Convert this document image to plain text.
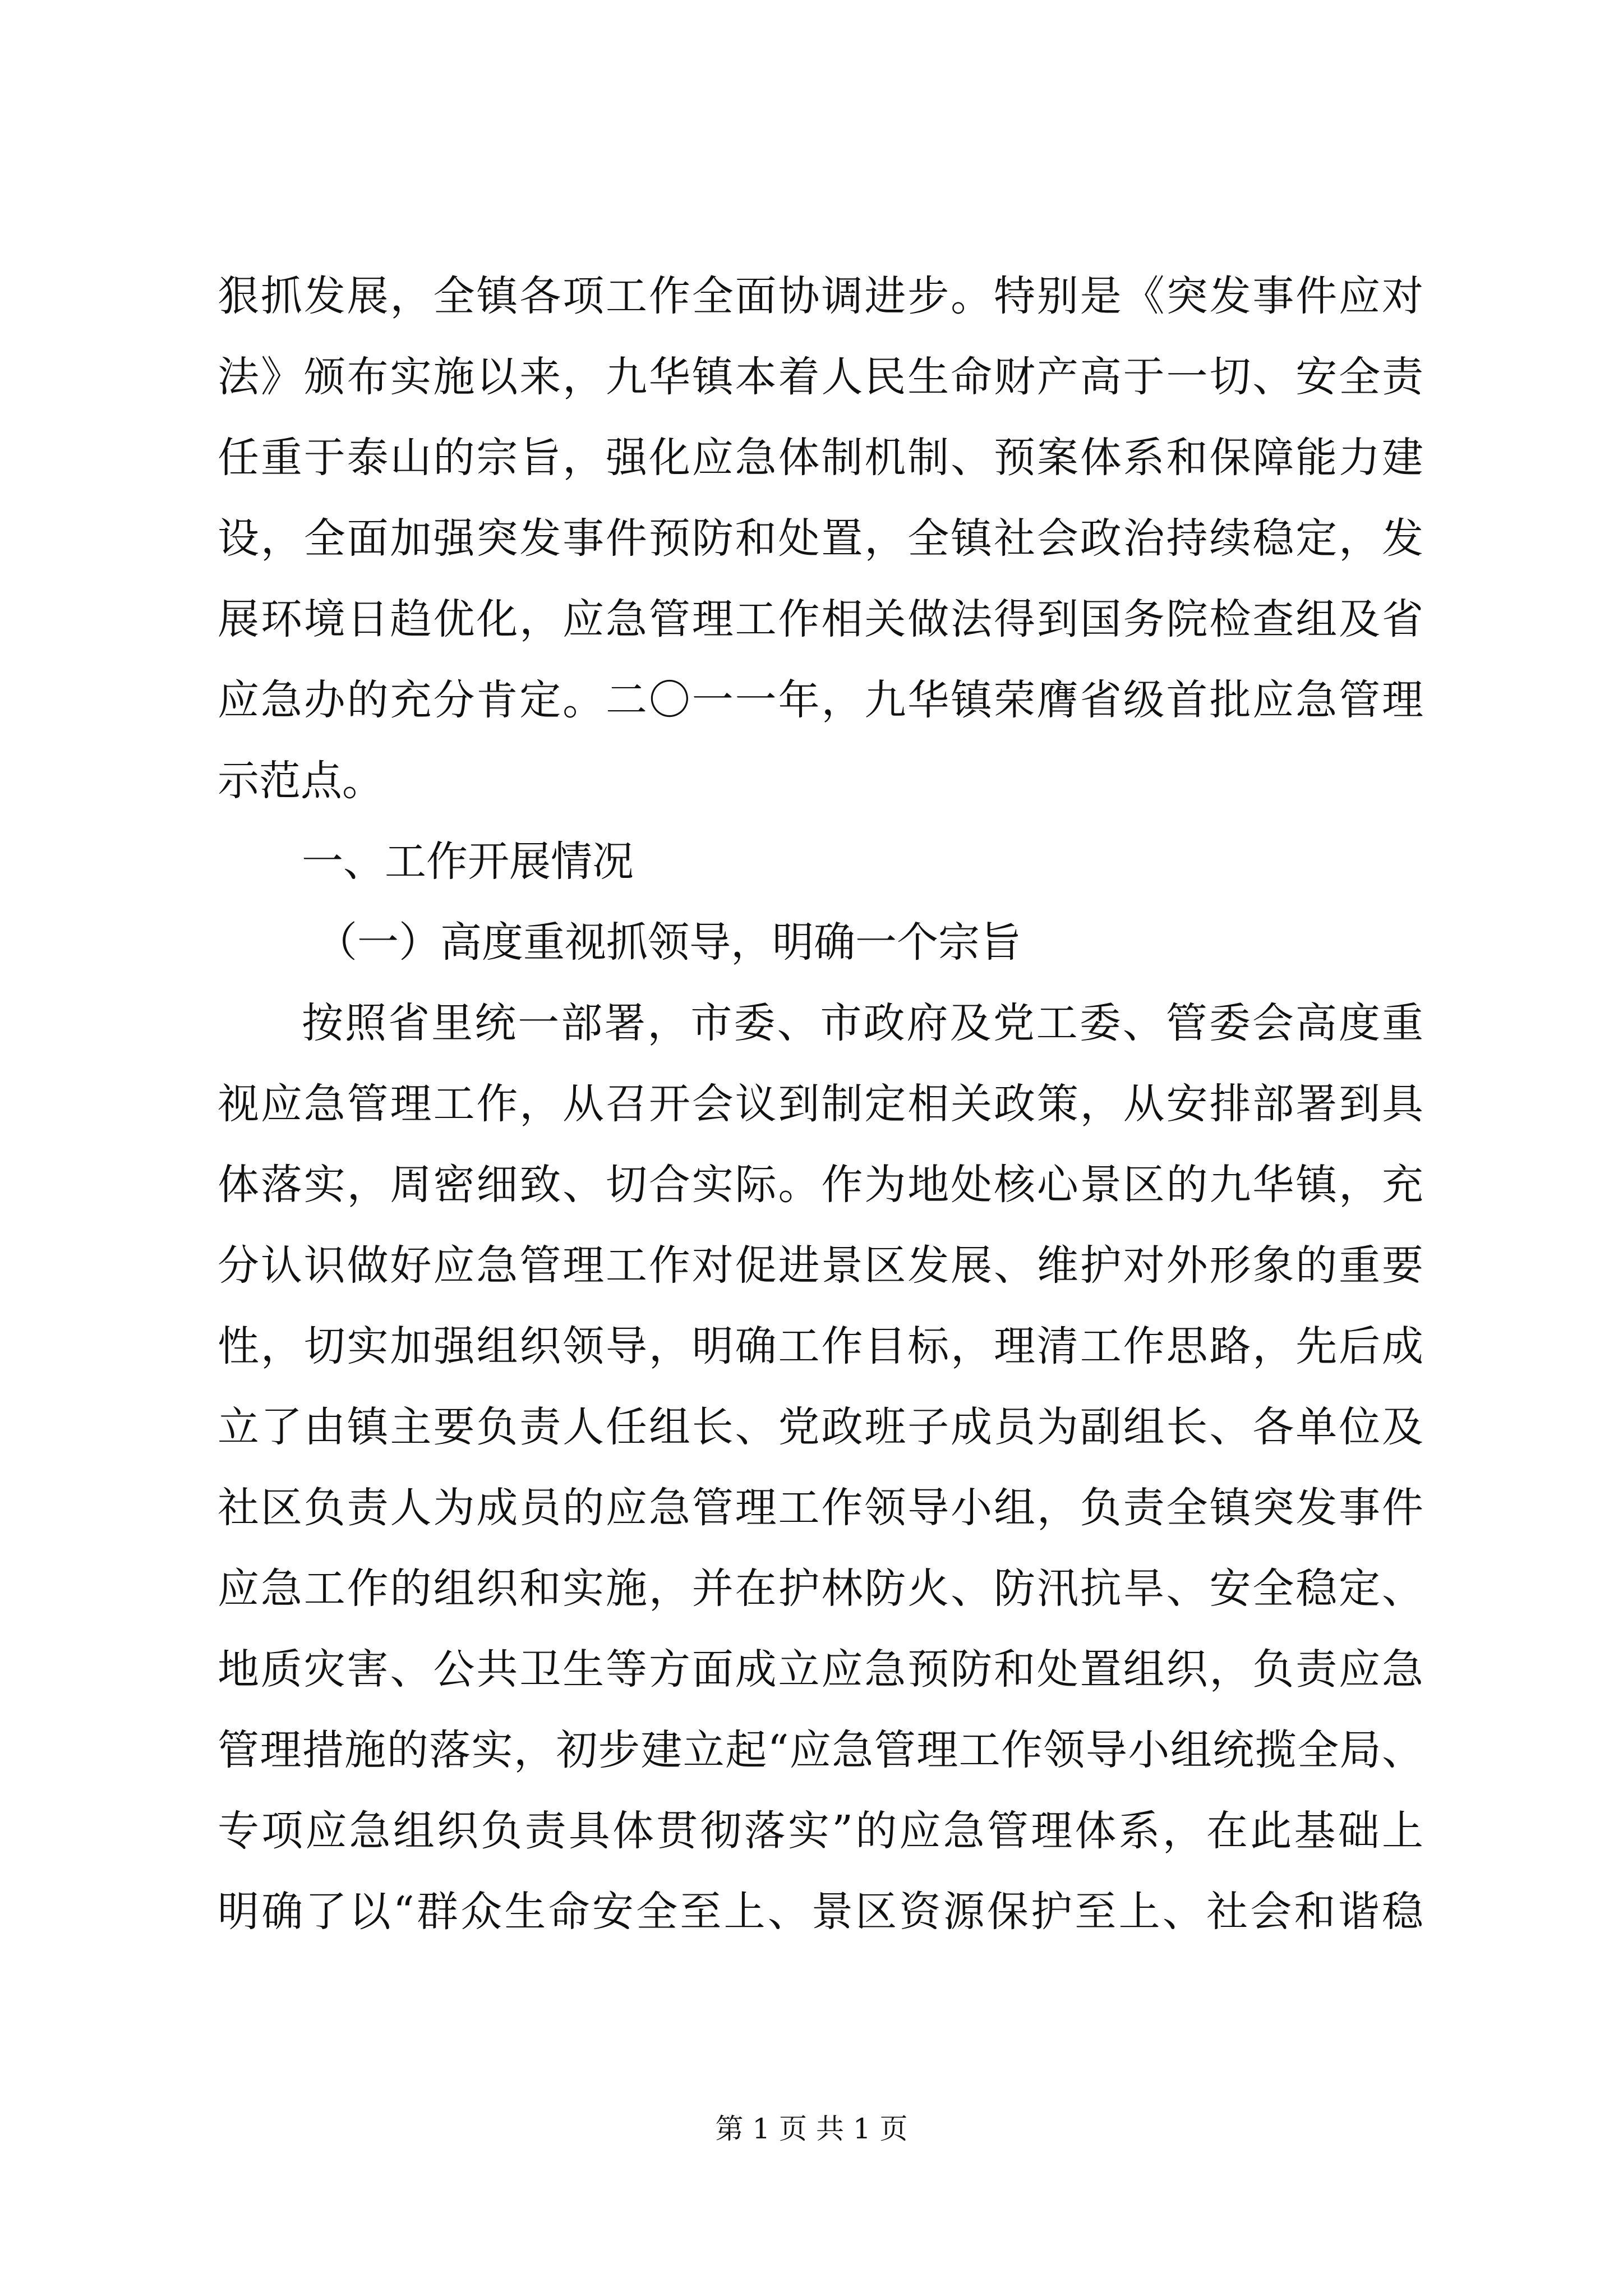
狠抓发展，全镇各项工作全面协调进步。特别是《突发事件应对
法》颁布实施以来，九华镇本着人民生命财产高于一切、安全责
任重于泰山的宗旨，强化应急体制机制、预案体系和保障能力建
设，全面加强突发事件预防和处置，全镇社会政治持续稳定，发
展环境日趋优化，应急管理工作相关做法得到国务院检查组及省
应急办的充分肯定。二〇一一年，九华镇荣膺省级首批应急管理
示范点。
一、工作开展情况
（一）高度重视抓领导，明确一个宗旨
按照省里统一部署，市委、市政府及党工委、管委会高度重
视应急管理工作，从召开会议到制定相关政策，从安排部署到具
体落实，周密细致、切合实际。作为地处核心景区的九华镇，充
分认识做好应急管理工作对促进景区发展、维护对外形象的重要
性，切实加强组织领导，明确工作目标，理清工作思路，先后成
立了由镇主要负责人任组长、党政班子成员为副组长、各单位及
社区负责人为成员的应急管理工作领导小组，负责全镇突发事件
应急工作的组织和实施，并在护林防火、防汛抗旱、安全稳定、
地质灾害、公共卫生等方面成立应急预防和处置组织，负责应急
管理措施的落实，初步建立起“应急管理工作领导小组统揽全局、
专项应急组织负责具体贯彻落实”的应急管理体系，在此基础上
明确了以“群众生命安全至上、景区资源保护至上、社会和谐稳
第 1 页 共 1 页
